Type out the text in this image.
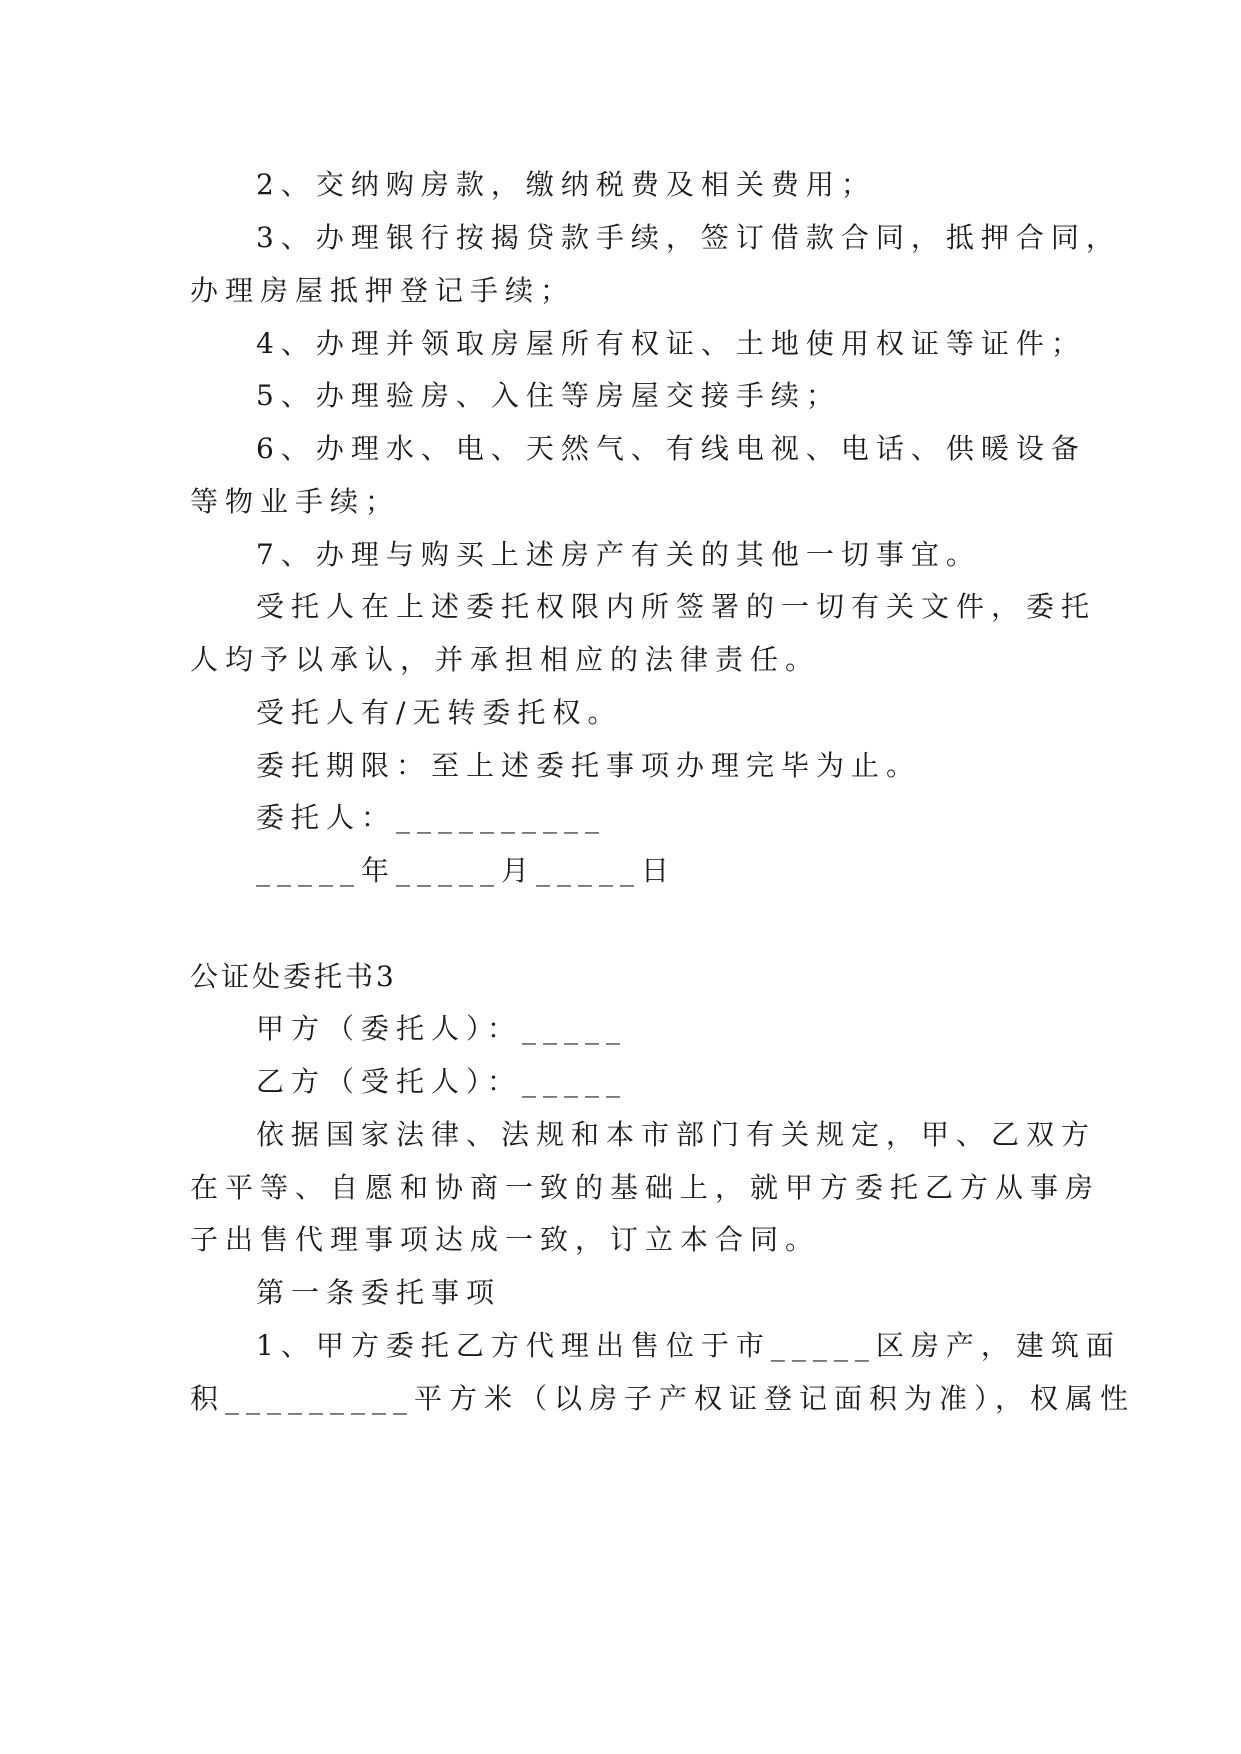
2、交纳购房款，缴纳税费及相关费用；
3、办理银行按揭贷款手续，签订借款合同，抵押合同，
办理房屋抵押登记手续；
4、办理并领取房屋所有权证、土地使用权证等证件；
5、办理验房、入住等房屋交接手续；
6、办理水、电、天然气、有线电视、电话、供暖设备
等物业手续；
7、办理与购买上述房产有关的其他一切事宜。
受托人在上述委托权限内所签署的一切有关文件，委托
人均予以承认，并承担相应的法律责任。
受托人有/无转委托权。
委托期限：至上述委托事项办理完毕为止。
委托人：__________
_____年_____月_____日
公证处委托书3
甲方（委托人）：_____
乙方（受托人）：_____
依据国家法律、法规和本市部门有关规定，甲、乙双方
在平等、自愿和协商一致的基础上，就甲方委托乙方从事房
子出售代理事项达成一致，订立本合同。
第一条委托事项
1、甲方委托乙方代理出售位于市_____区房产，建筑面
积_________平方米（以房子产权证登记面积为准），权属性
